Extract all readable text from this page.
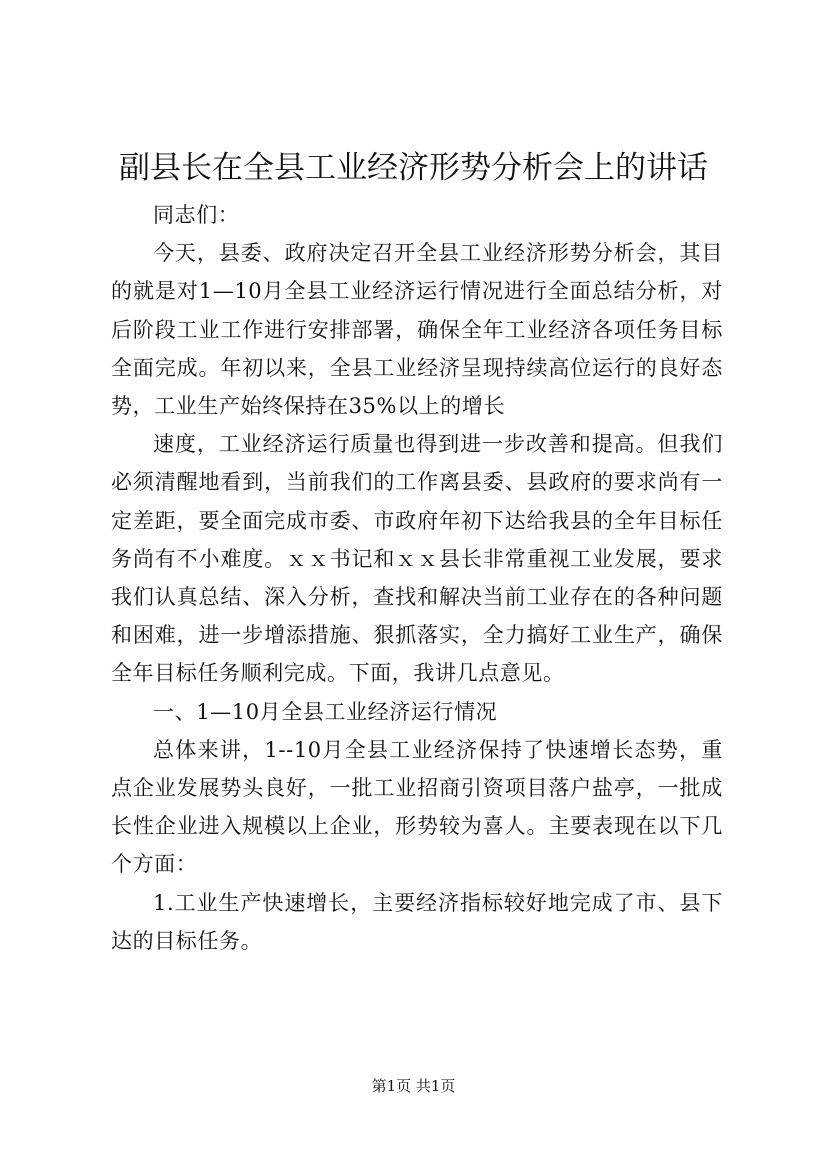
副县长在全县工业经济形势分析会上的讲话

同志们：

今天，县委、政府决定召开全县工业经济形势分析会，其目的就是对1—10月全县工业经济运行情况进行全面总结分析，对后阶段工业工作进行安排部署，确保全年工业经济各项任务目标全面完成。年初以来，全县工业经济呈现持续高位运行的良好态势，工业生产始终保持在35%以上的增长

速度，工业经济运行质量也得到进一步改善和提高。但我们必须清醒地看到，当前我们的工作离县委、县政府的要求尚有一定差距，要全面完成市委、市政府年初下达给我县的全年目标任务尚有不小难度。ｘｘ书记和ｘｘ县长非常重视工业发展，要求我们认真总结、深入分析，查找和解决当前工业存在的各种问题和困难，进一步增添措施、狠抓落实，全力搞好工业生产，确保全年目标任务顺利完成。下面，我讲几点意见。

一、1—10月全县工业经济运行情况

总体来讲，1--10月全县工业经济保持了快速增长态势，重点企业发展势头良好，一批工业招商引资项目落户盐亭，一批成长性企业进入规模以上企业，形势较为喜人。主要表现在以下几个方面：

1.工业生产快速增长，主要经济指标较好地完成了市、县下达的目标任务。

第1页 共1页
